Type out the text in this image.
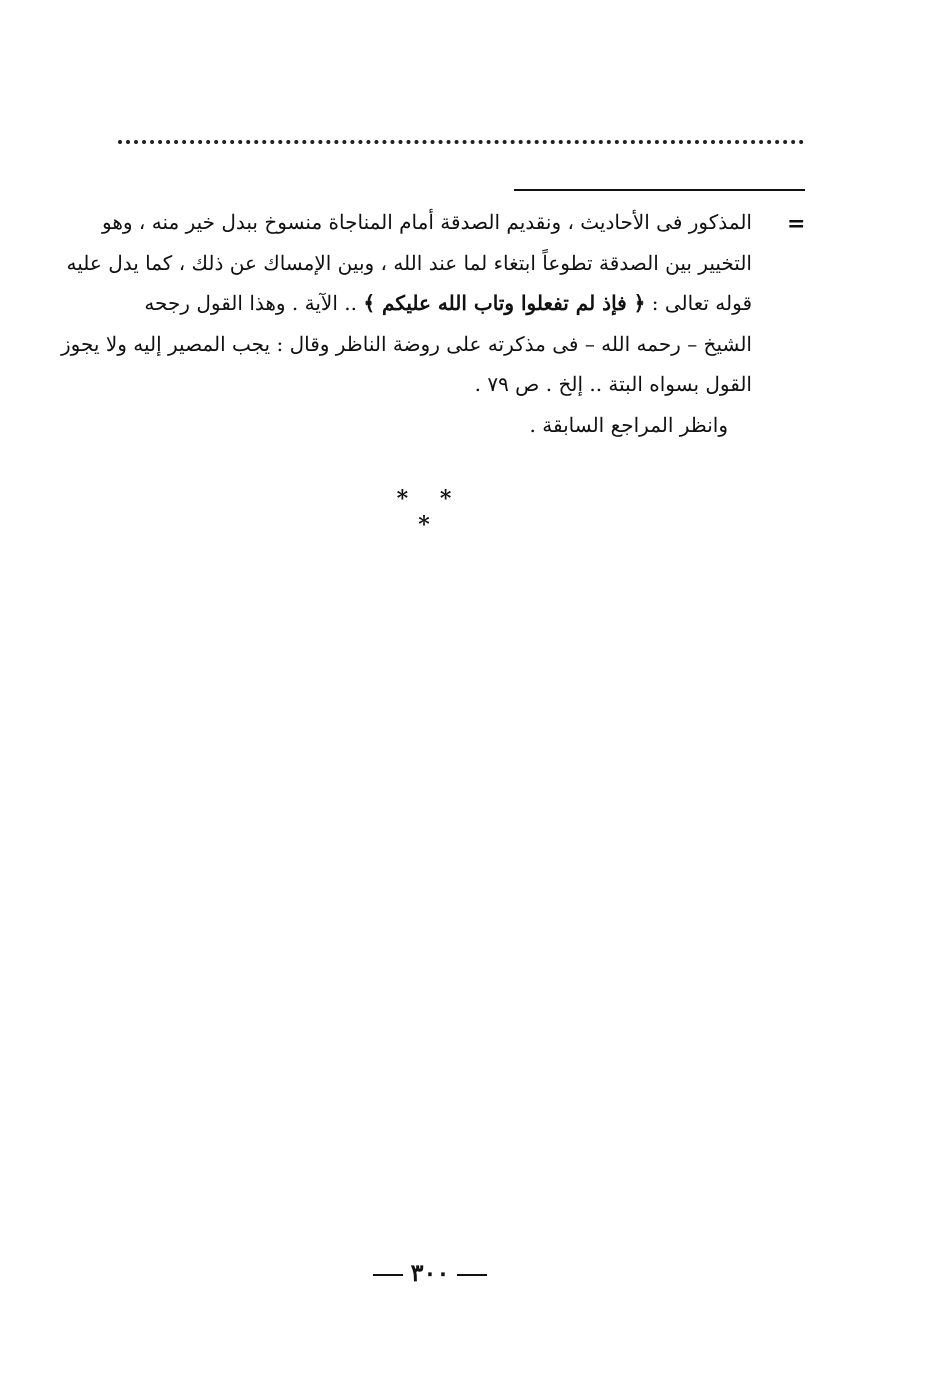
=
المذكور فى الأحاديث ، ونقديم الصدقة أمام المناجاة منسوخ ببدل خير منه ، وهو
التخيير بين الصدقة تطوعاً ابتغاء لما عند الله ، وبين الإمساك عن ذلك ، كما يدل عليه
قوله تعالى : ﴿ فإذ لم تفعلوا وتاب الله عليكم ﴾ .. الآية . وهذا القول رجحه
الشيخ – رحمه الله – فى مذكرته على روضة الناظر وقال : يجب المصير إليه ولا يجوز
القول بسواه البتة .. إلخ . ص ٧٩ .
وانظر المراجع السابقة .
* * *
٣٠٠
